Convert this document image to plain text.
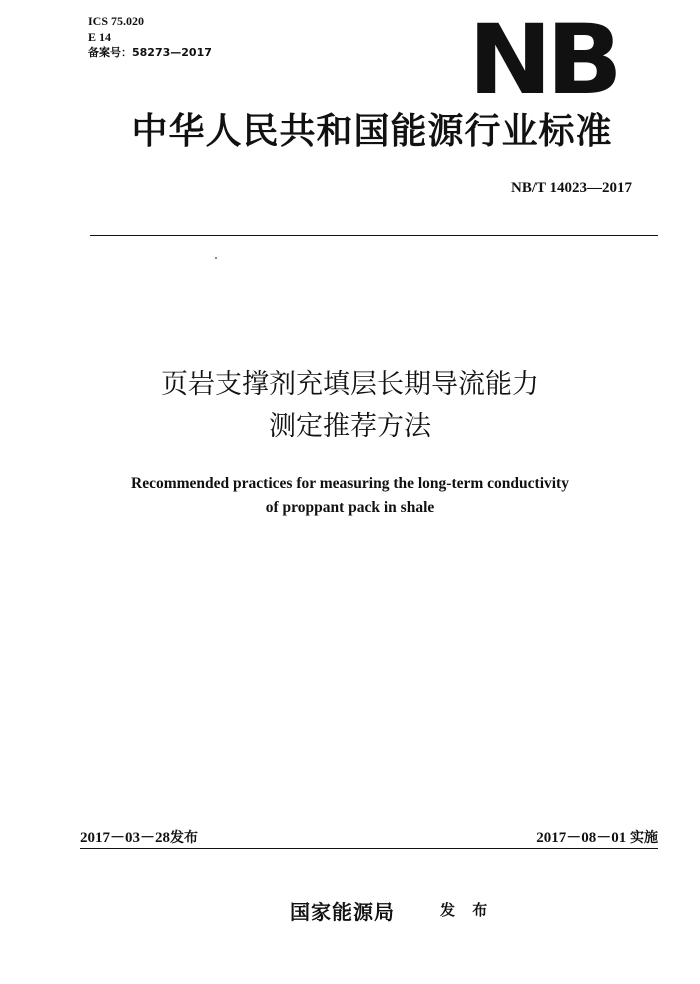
ICS 75.020
E 14
备案号：58273—2017	NB
中华人民共和国能源行业标准
NB/T 14023—2017
页岩支撑剂充填层长期导流能力
测定推荐方法
Recommended practices for measuring the long-term conductivity
of proppant pack in shale
2017－03－28发布	2017－08－01 实施
国家能源局	发 布
